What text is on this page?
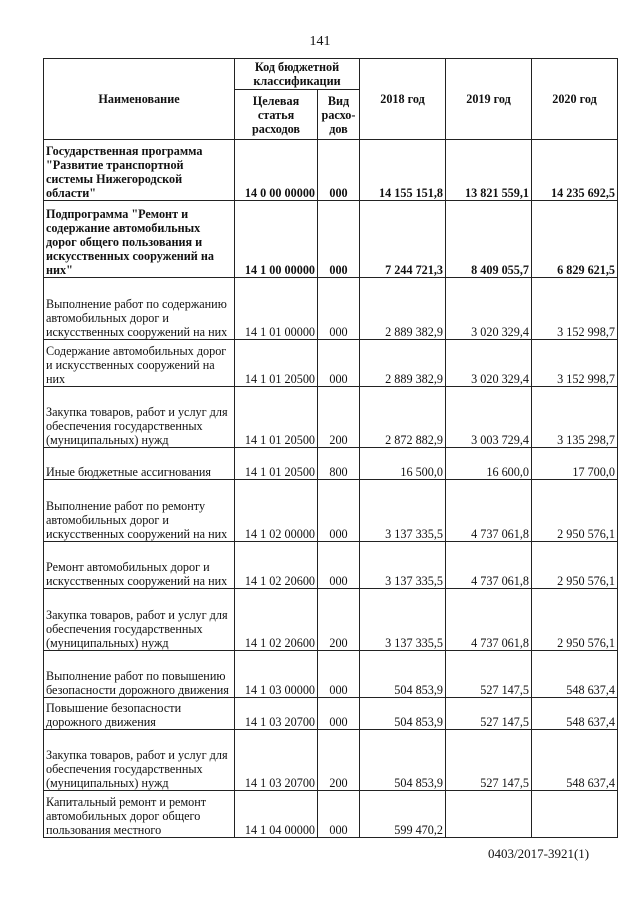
141
Наименование	Код бюджетной классификации		2018 год	2019 год	2020 год
	Целевая статья расходов	Вид расхо-дов			
Государственная программа "Развитие транспортной системы Нижегородской области"	14 0 00 00000	000	14 155 151,8	13 821 559,1	14 235 692,5
Подпрограмма "Ремонт и содержание автомобильных дорог общего пользования и искусственных сооружений на них"	14 1 00 00000	000	7 244 721,3	8 409 055,7	6 829 621,5
Выполнение работ по содержанию автомобильных дорог и искусственных сооружений на них	14 1 01 00000	000	2 889 382,9	3 020 329,4	3 152 998,7
Содержание автомобильных дорог и искусственных сооружений на них	14 1 01 20500	000	2 889 382,9	3 020 329,4	3 152 998,7
Закупка товаров, работ и услуг для обеспечения государственных (муниципальных) нужд	14 1 01 20500	200	2 872 882,9	3 003 729,4	3 135 298,7
Иные бюджетные ассигнования	14 1 01 20500	800	16 500,0	16 600,0	17 700,0
Выполнение работ по ремонту автомобильных дорог и искусственных сооружений на них	14 1 02 00000	000	3 137 335,5	4 737 061,8	2 950 576,1
Ремонт автомобильных дорог и искусственных сооружений на них	14 1 02 20600	000	3 137 335,5	4 737 061,8	2 950 576,1
Закупка товаров, работ и услуг для обеспечения государственных (муниципальных) нужд	14 1 02 20600	200	3 137 335,5	4 737 061,8	2 950 576,1
Выполнение работ по повышению безопасности дорожного движения	14 1 03 00000	000	504 853,9	527 147,5	548 637,4
Повышение безопасности дорожного движения	14 1 03 20700	000	504 853,9	527 147,5	548 637,4
Закупка товаров, работ и услуг для обеспечения государственных (муниципальных) нужд	14 1 03 20700	200	504 853,9	527 147,5	548 637,4
Капитальный ремонт и ремонт автомобильных дорог общего пользования местного	14 1 04 00000	000	599 470,2		
0403/2017-3921(1)
